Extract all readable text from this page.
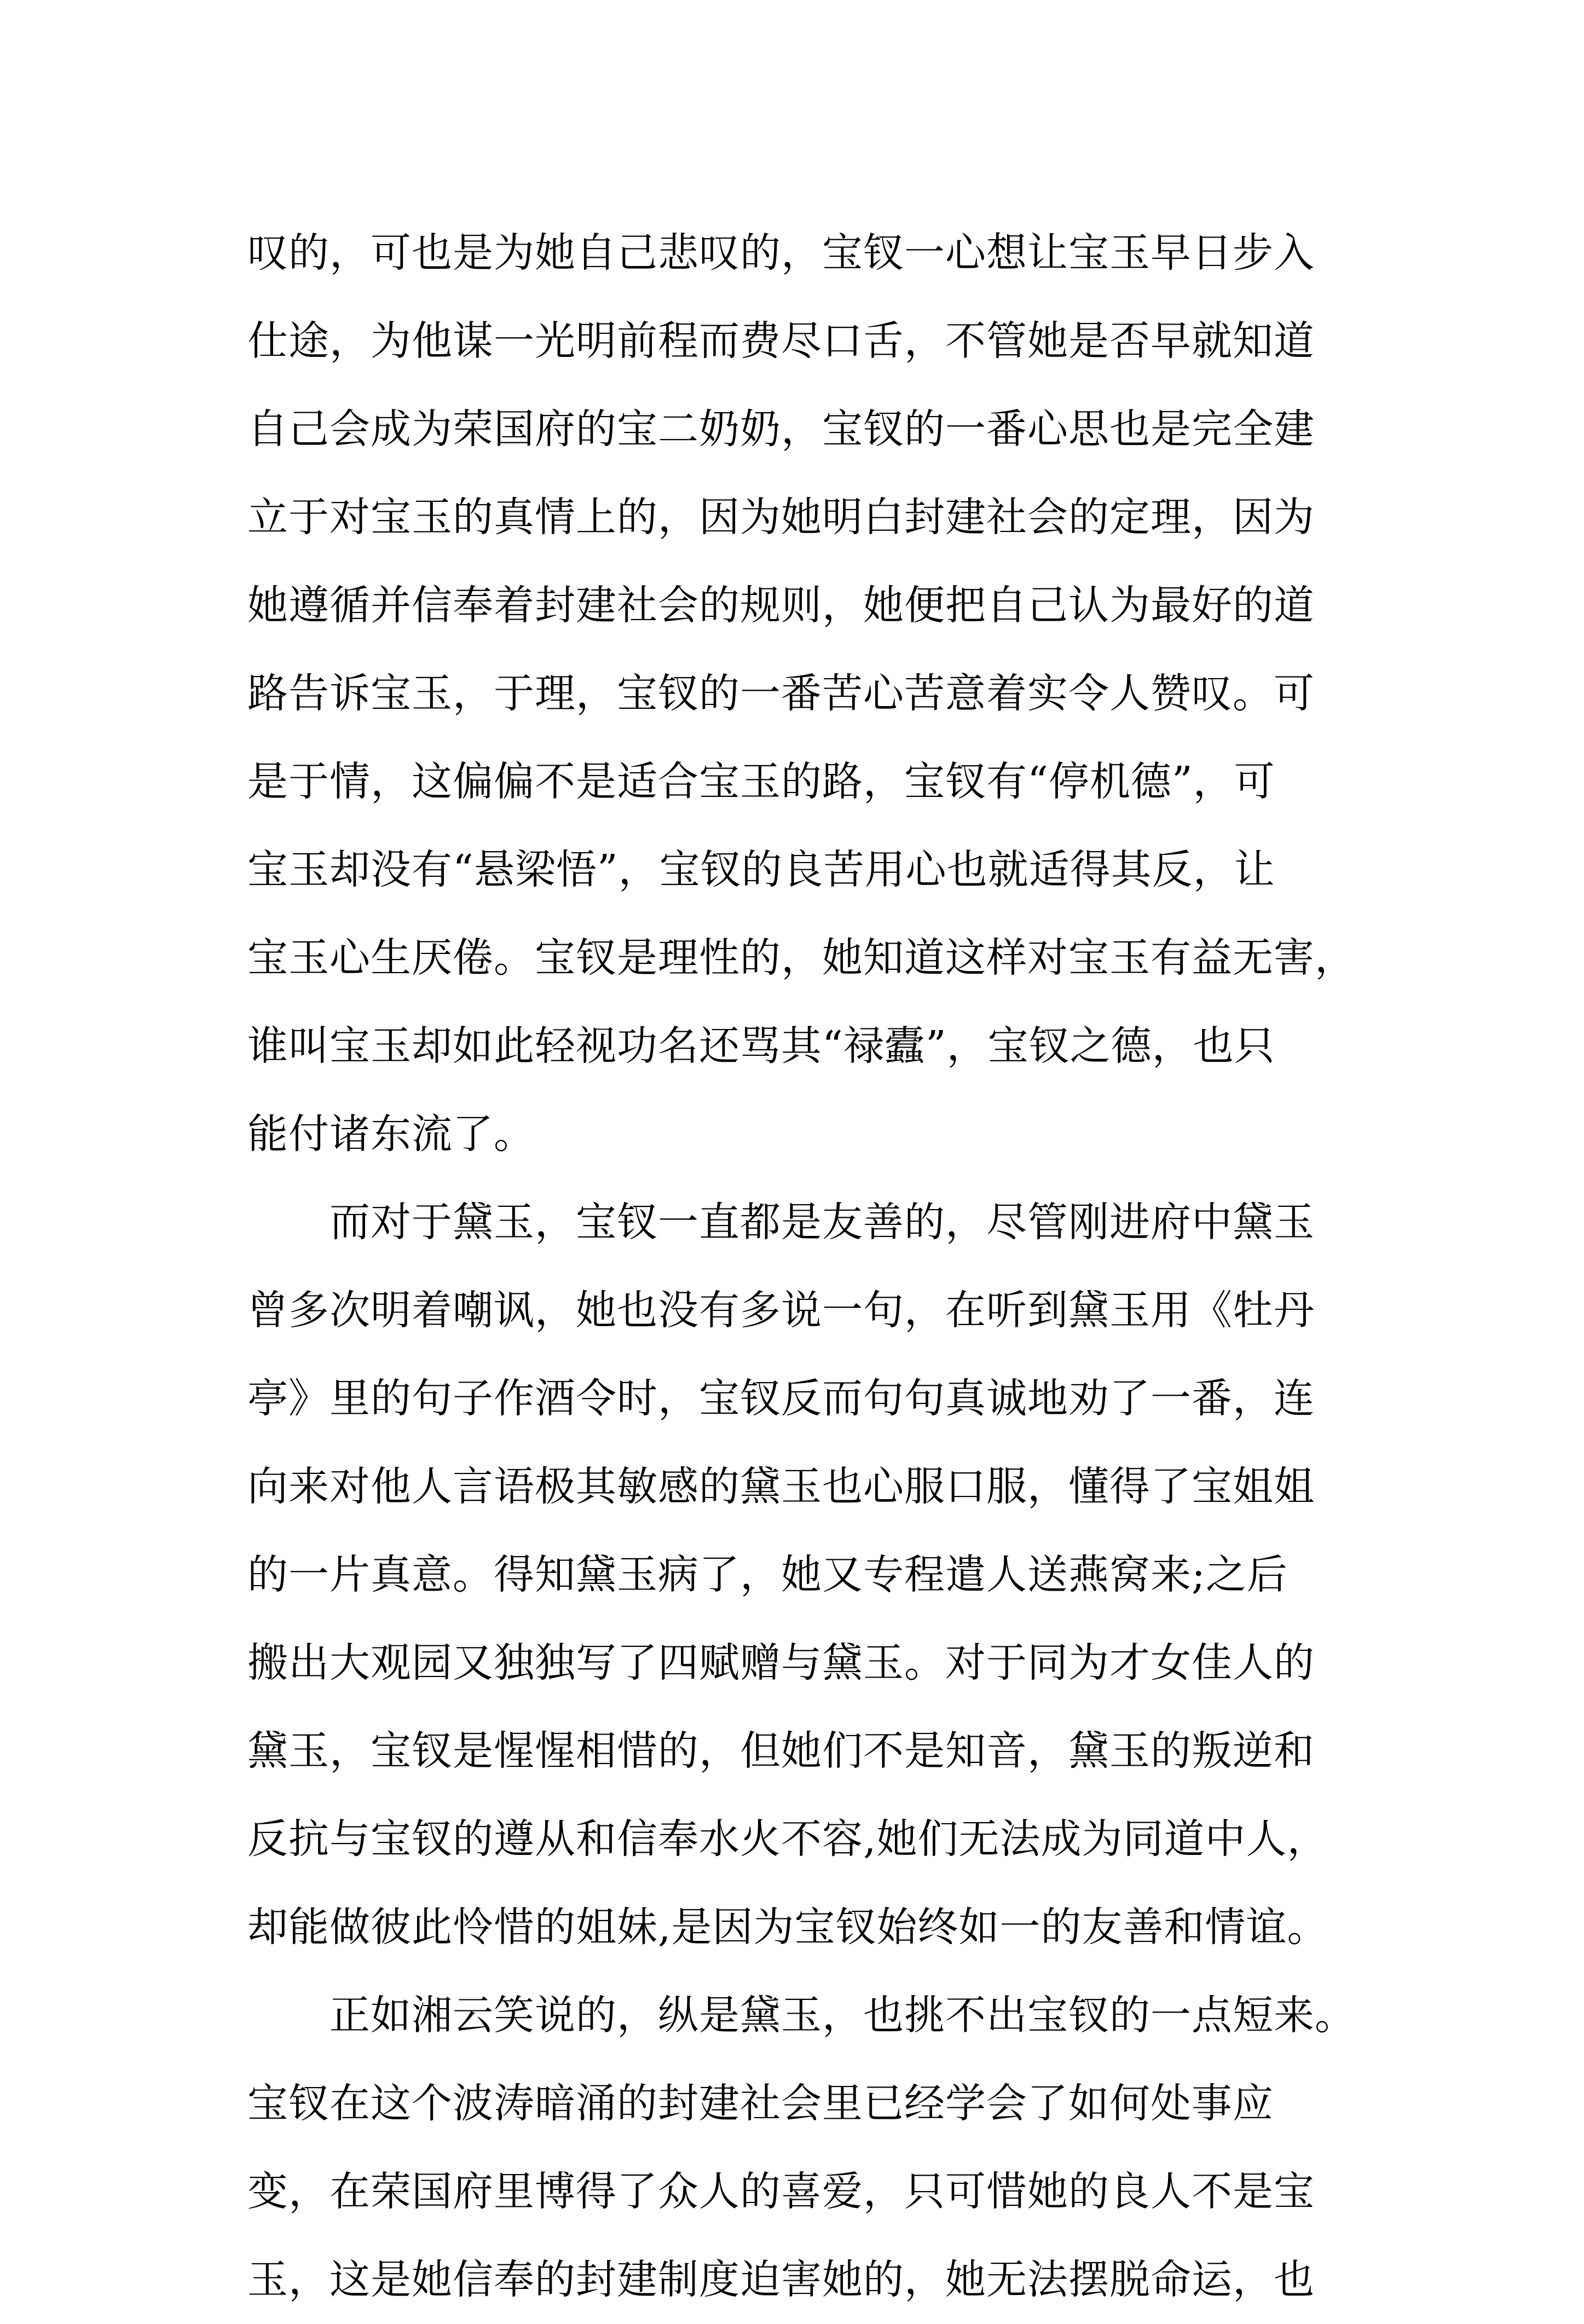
叹的，可也是为她自己悲叹的，宝钗一心想让宝玉早日步入
仕途，为他谋一光明前程而费尽口舌，不管她是否早就知道
自己会成为荣国府的宝二奶奶，宝钗的一番心思也是完全建
立于对宝玉的真情上的，因为她明白封建社会的定理，因为
她遵循并信奉着封建社会的规则，她便把自己认为最好的道
路告诉宝玉，于理，宝钗的一番苦心苦意着实令人赞叹。可
是于情，这偏偏不是适合宝玉的路，宝钗有“停机德”，可
宝玉却没有“悬梁悟”，宝钗的良苦用心也就适得其反，让
宝玉心生厌倦。宝钗是理性的，她知道这样对宝玉有益无害，
谁叫宝玉却如此轻视功名还骂其“禄蠹”，宝钗之德，也只
能付诸东流了。
　　而对于黛玉，宝钗一直都是友善的，尽管刚进府中黛玉
曾多次明着嘲讽，她也没有多说一句，在听到黛玉用《牡丹
亭》里的句子作酒令时，宝钗反而句句真诚地劝了一番，连
向来对他人言语极其敏感的黛玉也心服口服，懂得了宝姐姐
的一片真意。得知黛玉病了，她又专程遣人送燕窝来;之后
搬出大观园又独独写了四赋赠与黛玉。对于同为才女佳人的
黛玉，宝钗是惺惺相惜的，但她们不是知音，黛玉的叛逆和
反抗与宝钗的遵从和信奉水火不容,她们无法成为同道中人，
却能做彼此怜惜的姐妹,是因为宝钗始终如一的友善和情谊。
　　正如湘云笑说的，纵是黛玉，也挑不出宝钗的一点短来。
宝钗在这个波涛暗涌的封建社会里已经学会了如何处事应
变，在荣国府里博得了众人的喜爱，只可惜她的良人不是宝
玉，这是她信奉的封建制度迫害她的，她无法摆脱命运，也
